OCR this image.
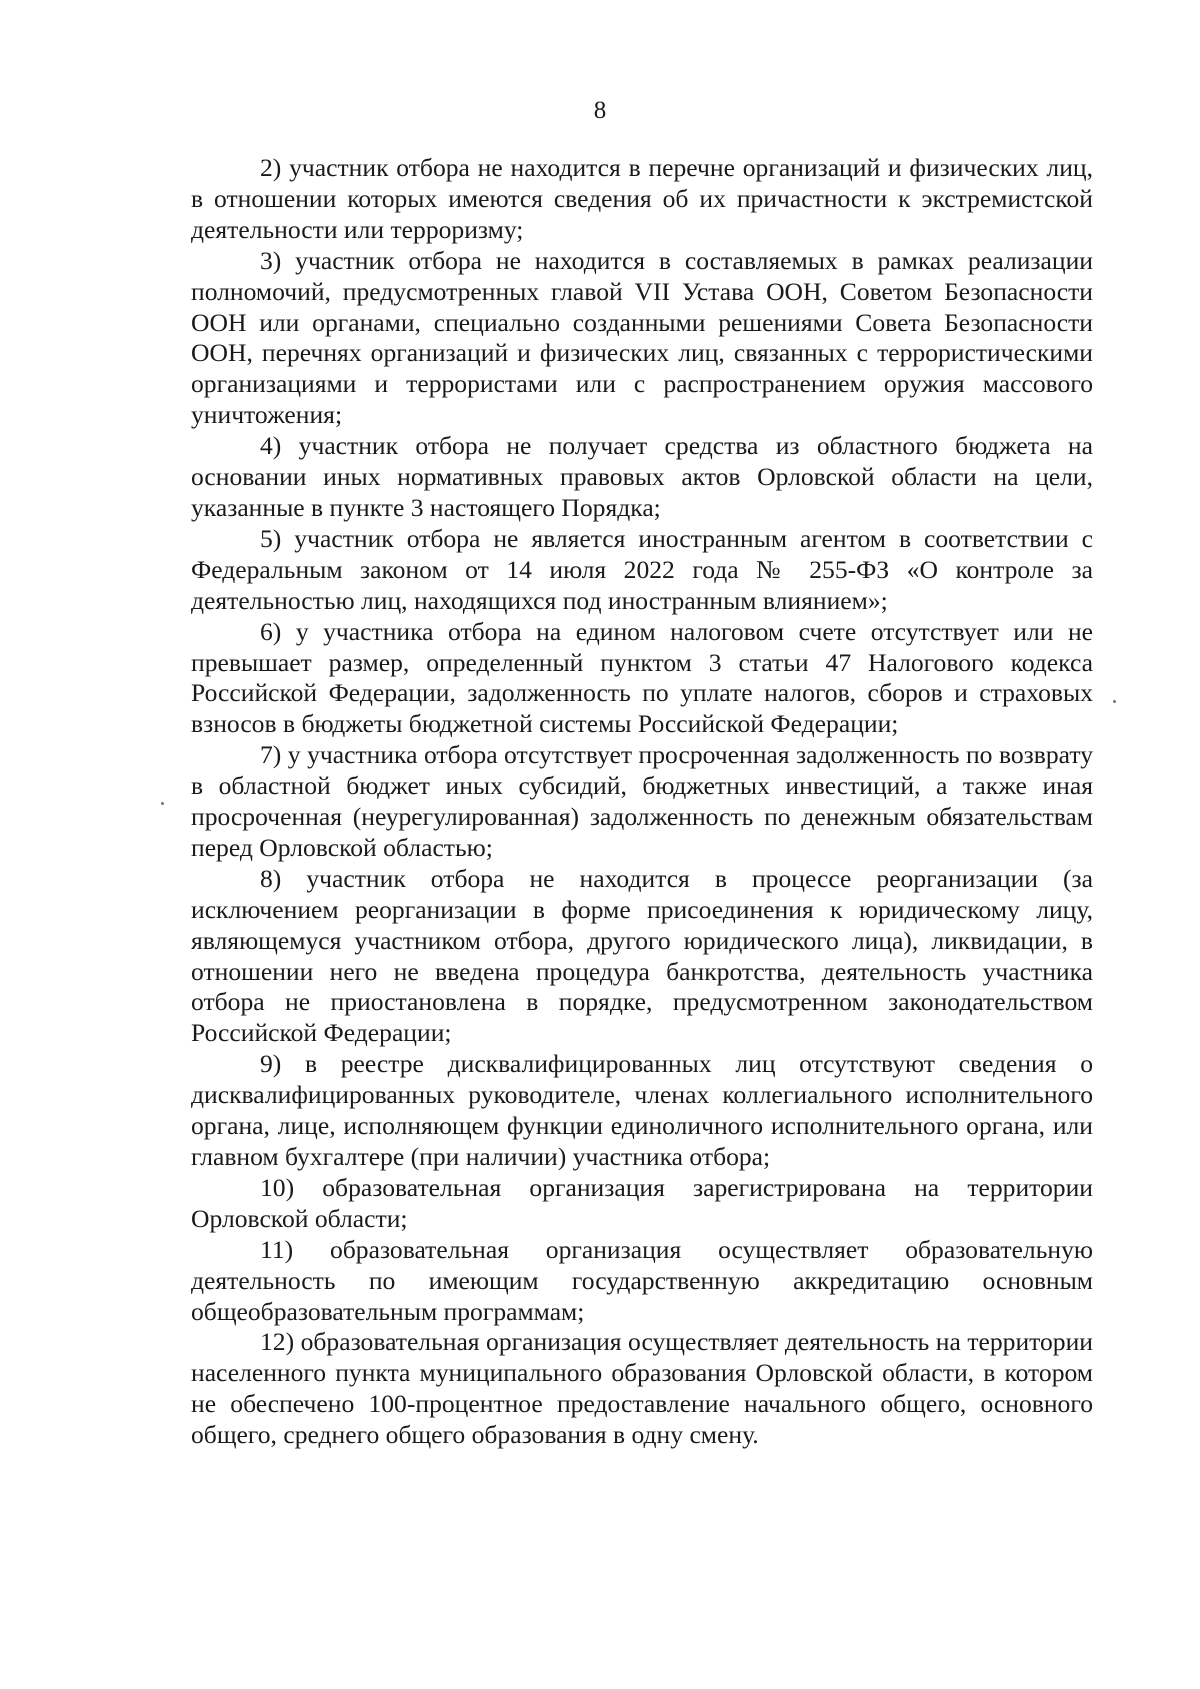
8

2) участник отбора не находится в перечне организаций и физических лиц, в отношении которых имеются сведения об их причастности к экстремистской деятельности или терроризму;

3) участник отбора не находится в составляемых в рамках реализации полномочий, предусмотренных главой VII Устава ООН, Советом Безопасности ООН или органами, специально созданными решениями Совета Безопасности ООН, перечнях организаций и физических лиц, связанных с террористическими организациями и террористами или с распространением оружия массового уничтожения;

4) участник отбора не получает средства из областного бюджета на основании иных нормативных правовых актов Орловской области на цели, указанные в пункте 3 настоящего Порядка;

5) участник отбора не является иностранным агентом в соответствии с Федеральным законом от 14 июля 2022 года № 255-ФЗ «О контроле за деятельностью лиц, находящихся под иностранным влиянием»;

6) у участника отбора на едином налоговом счете отсутствует или не превышает размер, определенный пунктом 3 статьи 47 Налогового кодекса Российской Федерации, задолженность по уплате налогов, сборов и страховых взносов в бюджеты бюджетной системы Российской Федерации;

7) у участника отбора отсутствует просроченная задолженность по возврату в областной бюджет иных субсидий, бюджетных инвестиций, а также иная просроченная (неурегулированная) задолженность по денежным обязательствам перед Орловской областью;

8) участник отбора не находится в процессе реорганизации (за исключением реорганизации в форме присоединения к юридическому лицу, являющемуся участником отбора, другого юридического лица), ликвидации, в отношении него не введена процедура банкротства, деятельность участника отбора не приостановлена в порядке, предусмотренном законодательством Российской Федерации;

9) в реестре дисквалифицированных лиц отсутствуют сведения о дисквалифицированных руководителе, членах коллегиального исполнительного органа, лице, исполняющем функции единоличного исполнительного органа, или главном бухгалтере (при наличии) участника отбора;

10) образовательная организация зарегистрирована на территории Орловской области;

11) образовательная организация осуществляет образовательную деятельность по имеющим государственную аккредитацию основным общеобразовательным программам;

12) образовательная организация осуществляет деятельность на территории населенного пункта муниципального образования Орловской области, в котором не обеспечено 100-процентное предоставление начального общего, основного общего, среднего общего образования в одну смену.
